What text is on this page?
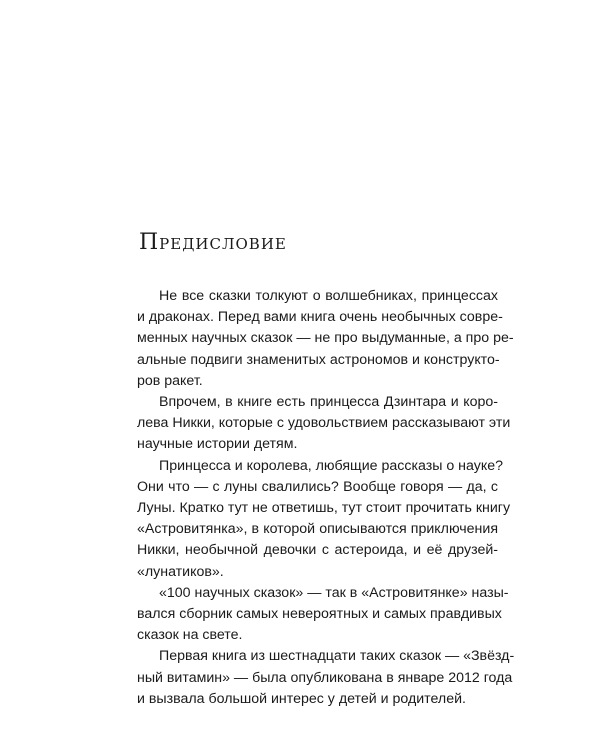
Предисловие

Не все сказки толкуют о волшебниках, принцессах
и драконах. Перед вами книга очень необычных совре-
менных научных сказок — не про выдуманные, а про ре-
альные подвиги знаменитых астрономов и конструкто-
ров ракет.

Впрочем, в книге есть принцесса Дзинтара и коро-
лева Никки, которые с удовольствием рассказывают эти
научные истории детям.

Принцесса и королева, любящие рассказы о науке?
Они что — с луны свалились? Вообще говоря — да, с
Луны. Кратко тут не ответишь, тут стоит прочитать книгу
«Астровитянка», в которой описываются приключения
Никки, необычной девочки с астероида, и её друзей-
«лунатиков».

«100 научных сказок» — так в «Астровитянке» назы-
вался сборник самых невероятных и самых правдивых
сказок на свете.

Первая книга из шестнадцати таких сказок — «Звёзд-
ный витамин» — была опубликована в январе 2012 года
и вызвала большой интерес у детей и родителей.
